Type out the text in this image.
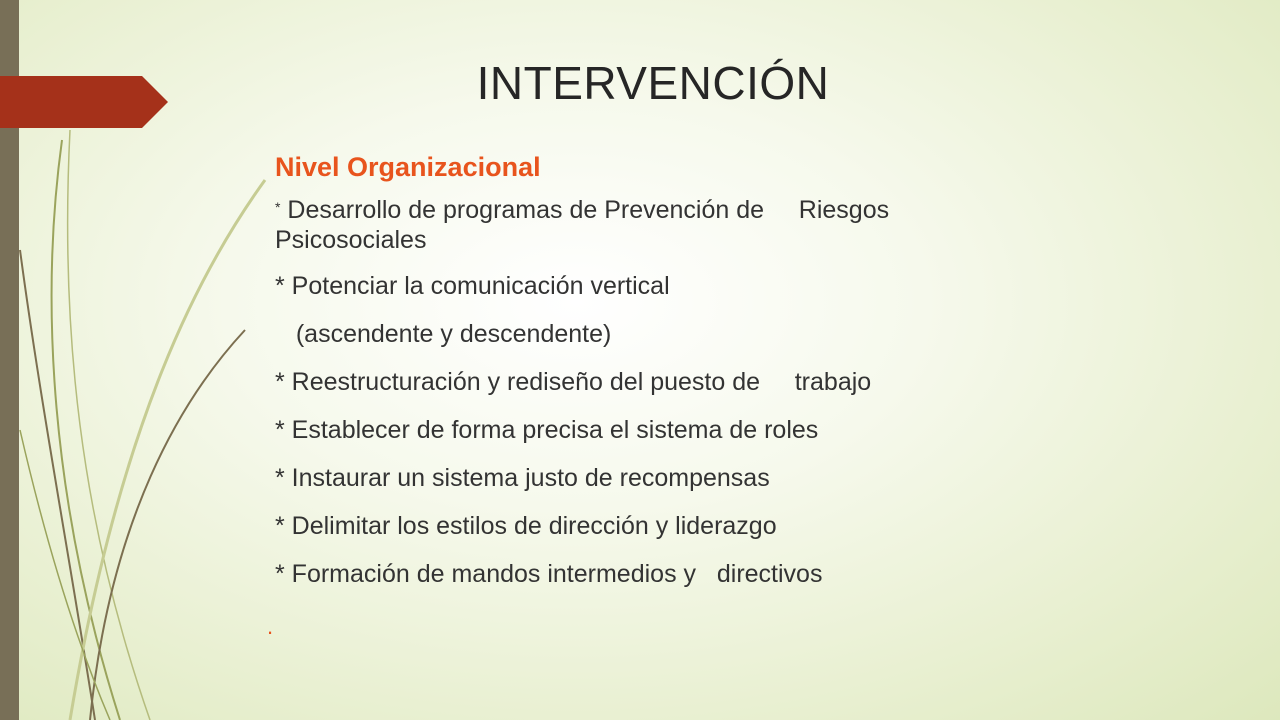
INTERVENCIÓN

Nivel Organizacional

* Desarrollo de programas de Prevención de     Riesgos

Psicosociales

* Potenciar la comunicación vertical

(ascendente y descendente)

* Reestructuración y rediseño del puesto de     trabajo

* Establecer de forma precisa el sistema de roles

* Instaurar un sistema justo de recompensas

* Delimitar los estilos de dirección y liderazgo

* Formación de mandos intermedios y   directivos

.
